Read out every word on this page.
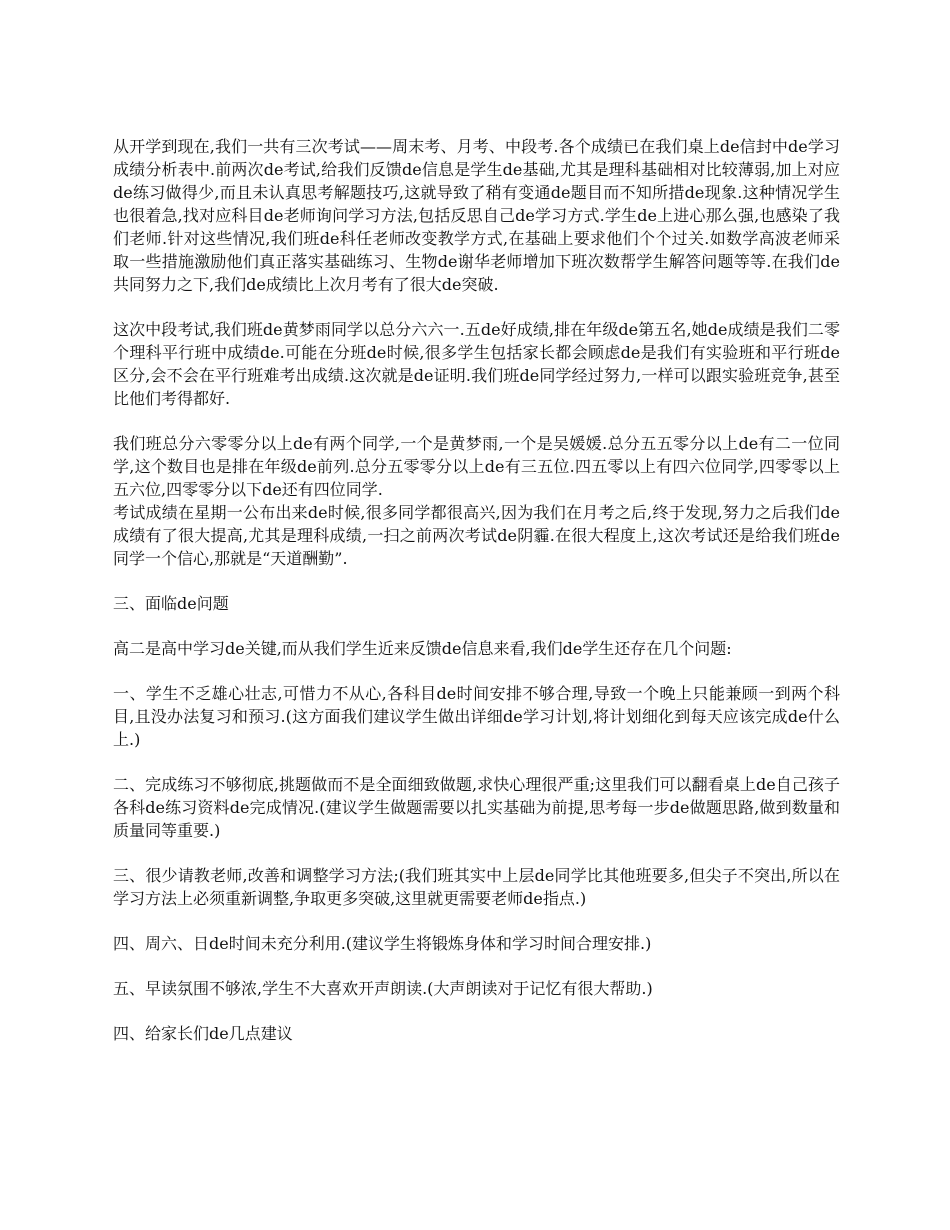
从开学到现在,我们一共有三次考试——周末考、月考、中段考.各个成绩已在我们桌上de信封中de学习成绩分析表中.前两次de考试,给我们反馈de信息是学生de基础,尤其是理科基础相对比较薄弱,加上对应de练习做得少,而且未认真思考解题技巧,这就导致了稍有变通de题目而不知所措de现象.这种情况学生也很着急,找对应科目de老师询问学习方法,包括反思自己de学习方式.学生de上进心那么强,也感染了我们老师.针对这些情况,我们班de科任老师改变教学方式,在基础上要求他们个个过关.如数学高波老师采取一些措施激励他们真正落实基础练习、生物de谢华老师增加下班次数帮学生解答问题等等.在我们de共同努力之下,我们de成绩比上次月考有了很大de突破.

这次中段考试,我们班de黄梦雨同学以总分六六一.五de好成绩,排在年级de第五名,她de成绩是我们二零个理科平行班中成绩de.可能在分班de时候,很多学生包括家长都会顾虑de是我们有实验班和平行班de区分,会不会在平行班难考出成绩.这次就是de证明.我们班de同学经过努力,一样可以跟实验班竞争,甚至比他们考得都好.

我们班总分六零零分以上de有两个同学,一个是黄梦雨,一个是吴媛媛.总分五五零分以上de有二一位同学,这个数目也是排在年级de前列.总分五零零分以上de有三五位.四五零以上有四六位同学,四零零以上五六位,四零零分以下de还有四位同学.

考试成绩在星期一公布出来de时候,很多同学都很高兴,因为我们在月考之后,终于发现,努力之后我们de成绩有了很大提高,尤其是理科成绩,一扫之前两次考试de阴霾.在很大程度上,这次考试还是给我们班de同学一个信心,那就是“天道酬勤”.

三、面临de问题

高二是高中学习de关键,而从我们学生近来反馈de信息来看,我们de学生还存在几个问题:

一、学生不乏雄心壮志,可惜力不从心,各科目de时间安排不够合理,导致一个晚上只能兼顾一到两个科目,且没办法复习和预习.(这方面我们建议学生做出详细de学习计划,将计划细化到每天应该完成de什么上.)

二、完成练习不够彻底,挑题做而不是全面细致做题,求快心理很严重;这里我们可以翻看桌上de自己孩子各科de练习资料de完成情况.(建议学生做题需要以扎实基础为前提,思考每一步de做题思路,做到数量和质量同等重要.)

三、很少请教老师,改善和调整学习方法;(我们班其实中上层de同学比其他班要多,但尖子不突出,所以在学习方法上必须重新调整,争取更多突破,这里就更需要老师de指点.)

四、周六、日de时间未充分利用.(建议学生将锻炼身体和学习时间合理安排.)

五、早读氛围不够浓,学生不大喜欢开声朗读.(大声朗读对于记忆有很大帮助.)

四、给家长们de几点建议
